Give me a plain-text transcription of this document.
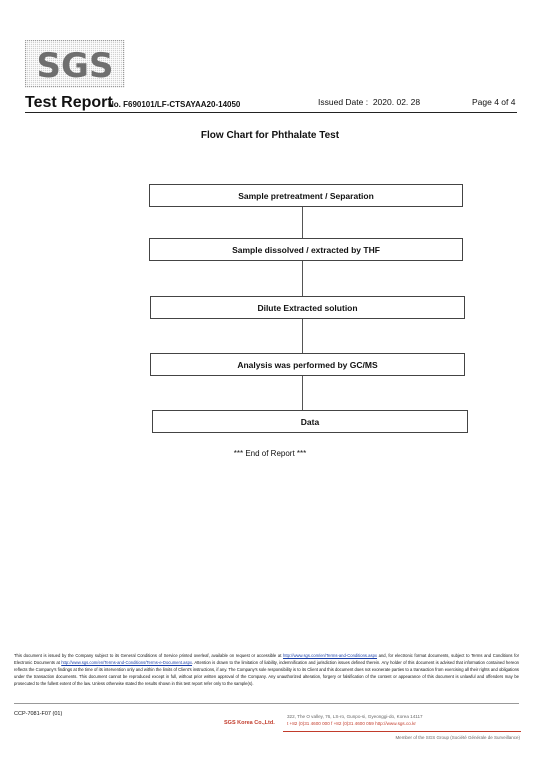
SGS
Test Report
No. F690101/LF-CTSAYAA20-14050	Issued Date : 2020. 02. 28	Page 4 of 4
Flow Chart for Phthalate Test
Sample pretreatment / Separation
Sample dissolved / extracted by THF
Dilute Extracted solution
Analysis was performed by GC/MS
Data
*** End of Report ***
This document is issued by the Company subject to its General Conditions of Service printed overleaf, available on request or accessible at http://www.sgs.com/en/Terms-and-Conditions.aspx and, for electronic format documents, subject to Terms and Conditions for Electronic Documents at http://www.sgs.com/en/Terms-and-Conditions/Terms-e-Document.aspx. Attention is drawn to the limitation of liability, indemnification and jurisdiction issues defined therein. Any holder of this document is advised that information contained hereon reflects the Company's findings at the time of its intervention only and within the limits of Client's instructions, if any. The Company's sole responsibility is to its Client and this document does not exonerate parties to a transaction from exercising all their rights and obligations under the transaction documents. This document cannot be reproduced except in full, without prior written approval of the Company. Any unauthorized alteration, forgery or falsification of the content or appearance of this document is unlawful and offenders may be prosecuted to the fullest extent of the law. Unless otherwise stated the results shown in this test report refer only to the sample(s).
CCP-7081-F07 (01)
SGS Korea Co.,Ltd.
322, The O valley, 76, LS-ro, Gunpo-si, Gyeonggi-do, Korea 14117
t +82 (0)31 4600 000 f +82 (0)31 4600 059 http://www.sgs.co.kr
Member of the SGS Group (Société Générale de Surveillance)
